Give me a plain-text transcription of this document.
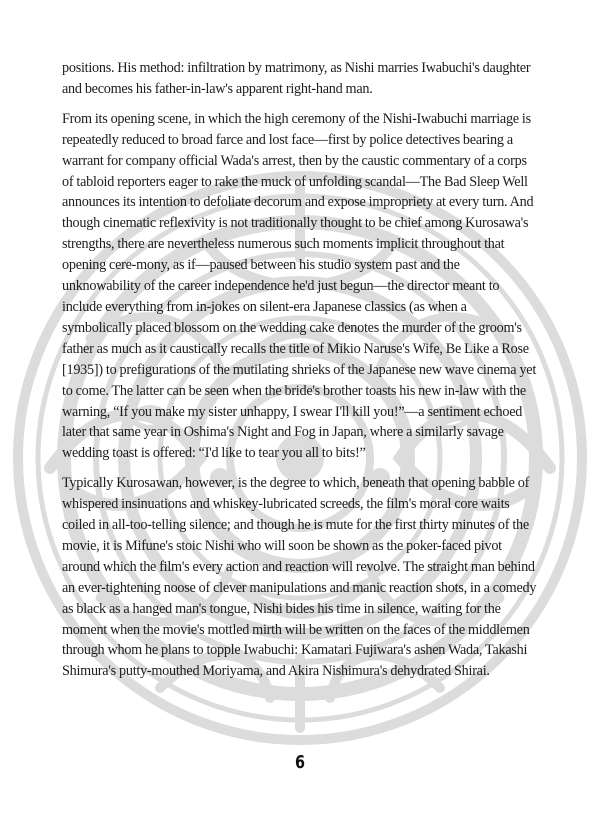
positions. His method: infiltration by matrimony, as Nishi marries Iwabuchi's daughter and becomes his father-in-law's apparent right-hand man.

From its opening scene, in which the high ceremony of the Nishi-Iwabuchi marriage is repeatedly reduced to broad farce and lost face—first by police detectives bearing a warrant for company official Wada's arrest, then by the caustic commentary of a corps of tabloid reporters eager to rake the muck of unfolding scandal—The Bad Sleep Well announces its intention to defoliate decorum and expose impropriety at every turn. And though cinematic reflexivity is not traditionally thought to be chief among Kurosawa's strengths, there are nevertheless numerous such moments implicit throughout that opening cere-mony, as if—paused between his studio system past and the unknowability of the career independence he'd just begun—the director meant to include everything from in-jokes on silent-era Japanese classics (as when a symbolically placed blossom on the wedding cake denotes the murder of the groom's father as much as it caustically recalls the title of Mikio Naruse's Wife, Be Like a Rose [1935]) to prefigurations of the mutilating shrieks of the Japanese new wave cinema yet to come. The latter can be seen when the bride's brother toasts his new in-law with the warning, “If you make my sister unhappy, I swear I'll kill you!”—a sentiment echoed later that same year in Oshima's Night and Fog in Japan, where a similarly savage wedding toast is offered: “I'd like to tear you all to bits!”

Typically Kurosawan, however, is the degree to which, beneath that opening babble of whispered insinuations and whiskey-lubricated screeds, the film's moral core waits coiled in all-too-telling silence; and though he is mute for the first thirty minutes of the movie, it is Mifune's stoic Nishi who will soon be shown as the poker-faced pivot around which the film's every action and reaction will revolve. The straight man behind an ever-tightening noose of clever manipulations and manic reaction shots, in a comedy as black as a hanged man's tongue, Nishi bides his time in silence, waiting for the moment when the movie's mottled mirth will be written on the faces of the middlemen through whom he plans to topple Iwabuchi: Kamatari Fujiwara's ashen Wada, Takashi Shimura's putty-mouthed Moriyama, and Akira Nishimura's dehydrated Shirai.

6
